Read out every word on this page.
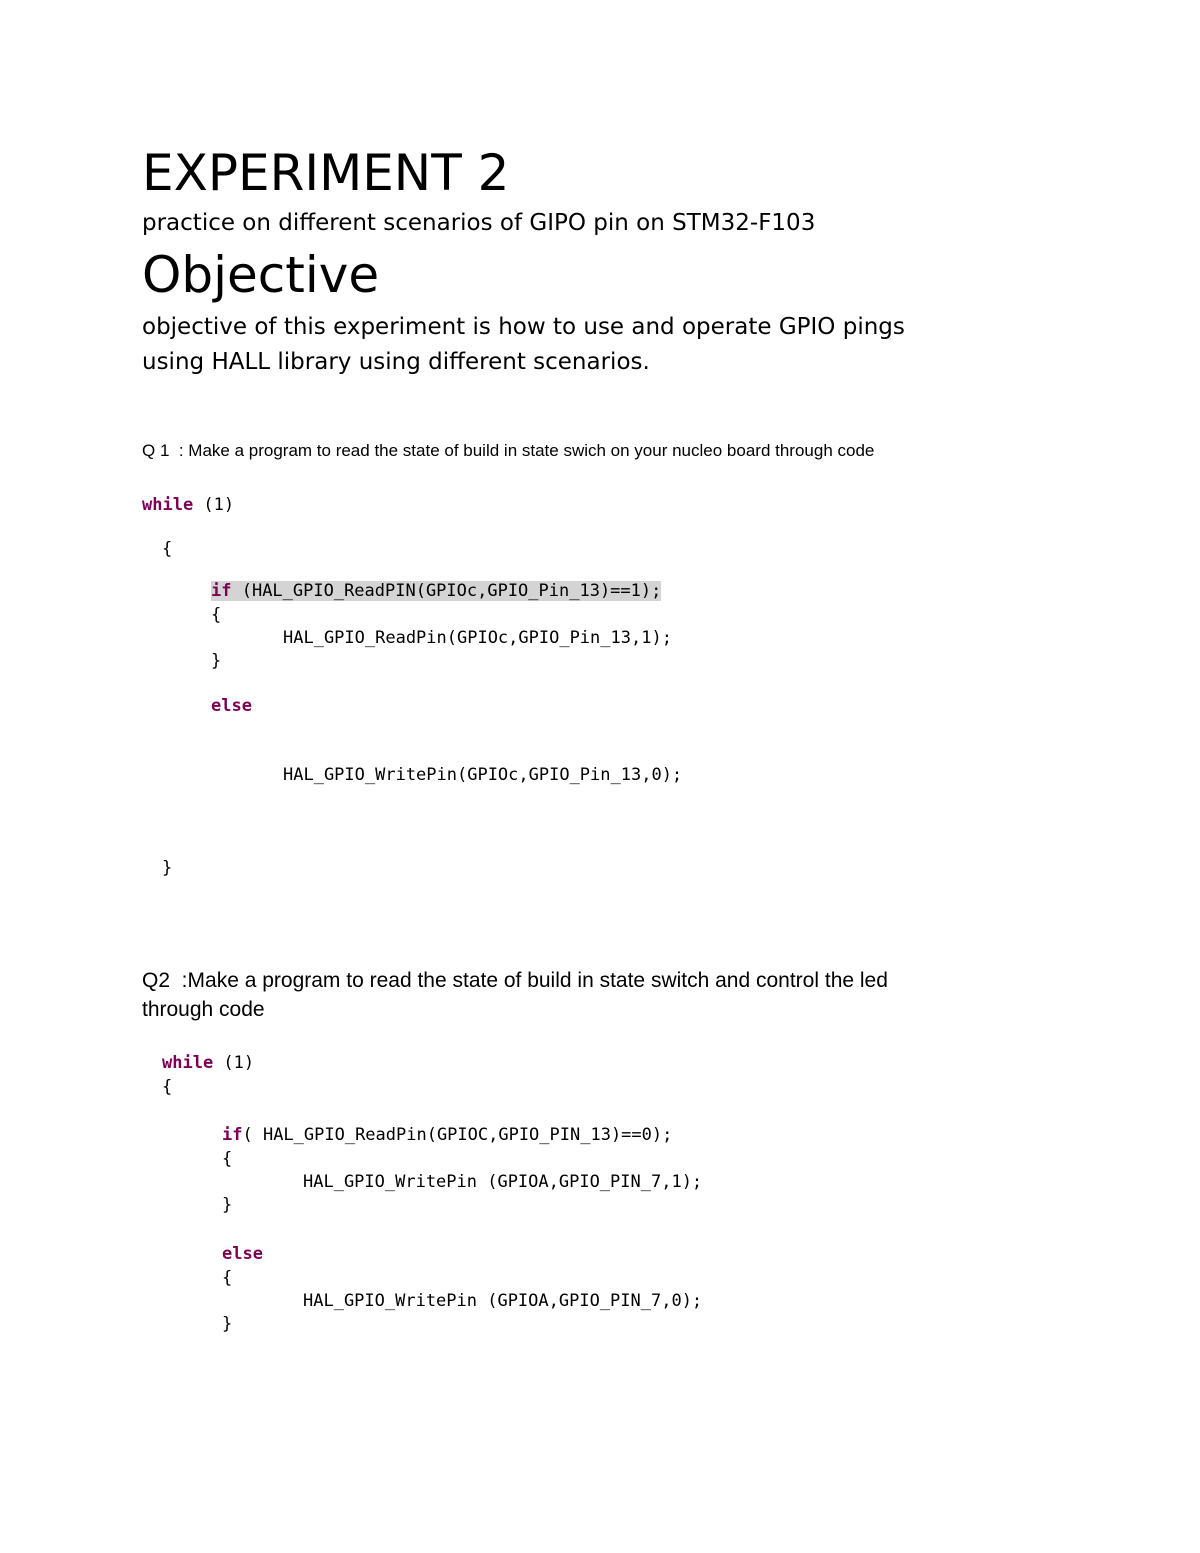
EXPERIMENT 2
practice on different scenarios of GIPO pin on STM32-F103
Objective
objective of this experiment is how to use and operate GPIO pings
using HALL library using different scenarios.
Q 1  : Make a program to read the state of build in state swich on your nucleo board through code
while (1)
{
if (HAL_GPIO_ReadPIN(GPIOc,GPIO_Pin_13)==1);
{
HAL_GPIO_ReadPin(GPIOc,GPIO_Pin_13,1);
}
else
HAL_GPIO_WritePin(GPIOc,GPIO_Pin_13,0);
}
Q2  :Make a program to read the state of build in state switch and control the led
through code
while (1)
{
if( HAL_GPIO_ReadPin(GPIOC,GPIO_PIN_13)==0);
{
HAL_GPIO_WritePin (GPIOA,GPIO_PIN_7,1);
}
else
{
HAL_GPIO_WritePin (GPIOA,GPIO_PIN_7,0);
}
